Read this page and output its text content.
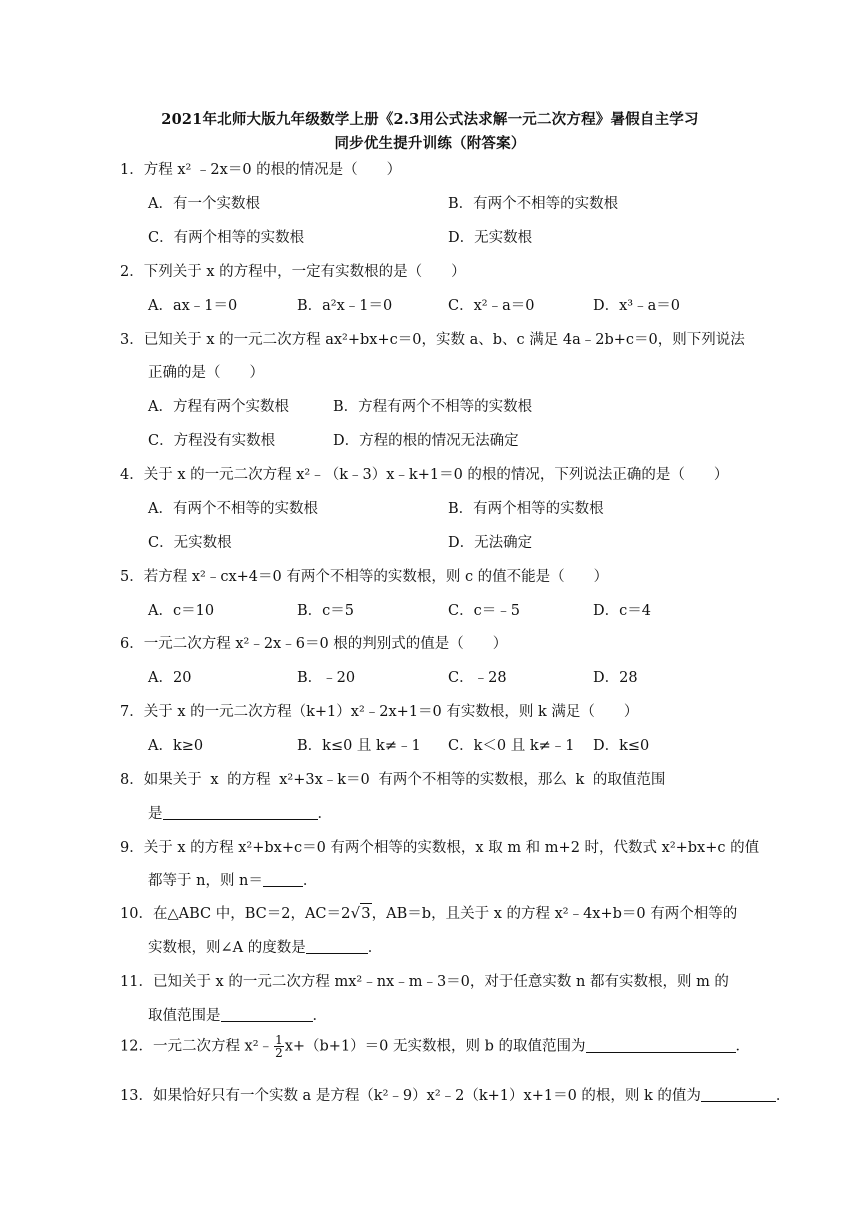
2021年北师大版九年级数学上册《2.3用公式法求解一元二次方程》暑假自主学习
同步优生提升训练（附答案）
1．方程 x² ﹣2x＝0 的根的情况是（　　）
A．有一个实数根	B．有两个不相等的实数根
C．有两个相等的实数根	D．无实数根
2．下列关于 x 的方程中，一定有实数根的是（　　）
A．ax﹣1＝0	B．a²x﹣1＝0	C．x²﹣a＝0	D．x³﹣a＝0
3．已知关于 x 的一元二次方程 ax²+bx+c＝0，实数 a、b、c 满足 4a﹣2b+c＝0，则下列说法
正确的是（　　）
A．方程有两个实数根	B．方程有两个不相等的实数根
C．方程没有实数根	D．方程的根的情况无法确定
4．关于 x 的一元二次方程 x²﹣（k﹣3）x﹣k+1＝0 的根的情况，下列说法正确的是（　　）
A．有两个不相等的实数根	B．有两个相等的实数根
C．无实数根	D．无法确定
5．若方程 x²﹣cx+4＝0 有两个不相等的实数根，则 c 的值不能是（　　）
A．c＝10	B．c＝5	C．c＝﹣5	D．c＝4
6．一元二次方程 x²﹣2x﹣6＝0 根的判别式的值是（　　）
A．20	B．﹣20	C．﹣28	D．28
7．关于 x 的一元二次方程（k+1）x²﹣2x+1＝0 有实数根，则 k 满足（　　）
A．k≥0	B．k≤0 且 k≠﹣1 C．k＜0 且 k≠﹣1 D．k≤0
8．如果关于 x 的方程 x²+3x﹣k＝0 有两个不相等的实数根，那么 k 的取值范围
是	．
9．关于 x 的方程 x²+bx+c＝0 有两个相等的实数根，x 取 m 和 m+2 时，代数式 x²+bx+c 的值
都等于 n，则 n＝	．
10．在△ABC 中，BC＝2，AC＝2√3，AB＝b，且关于 x 的方程 x²﹣4x+b＝0 有两个相等的
实数根，则∠A 的度数是	．
11．已知关于 x 的一元二次方程 mx²﹣nx﹣m﹣3＝0，对于任意实数 n 都有实数根，则 m 的
取值范围是	．
12．一元二次方程 x²﹣ $\frac{1}{2} x+(b+1)=0$ 无实数根，则 b 的取值范围为	．
13．如果恰好只有一个实数 a 是方程（k²﹣9）x²﹣2（k+1）x+1＝0 的根，则 k 的值为	．
